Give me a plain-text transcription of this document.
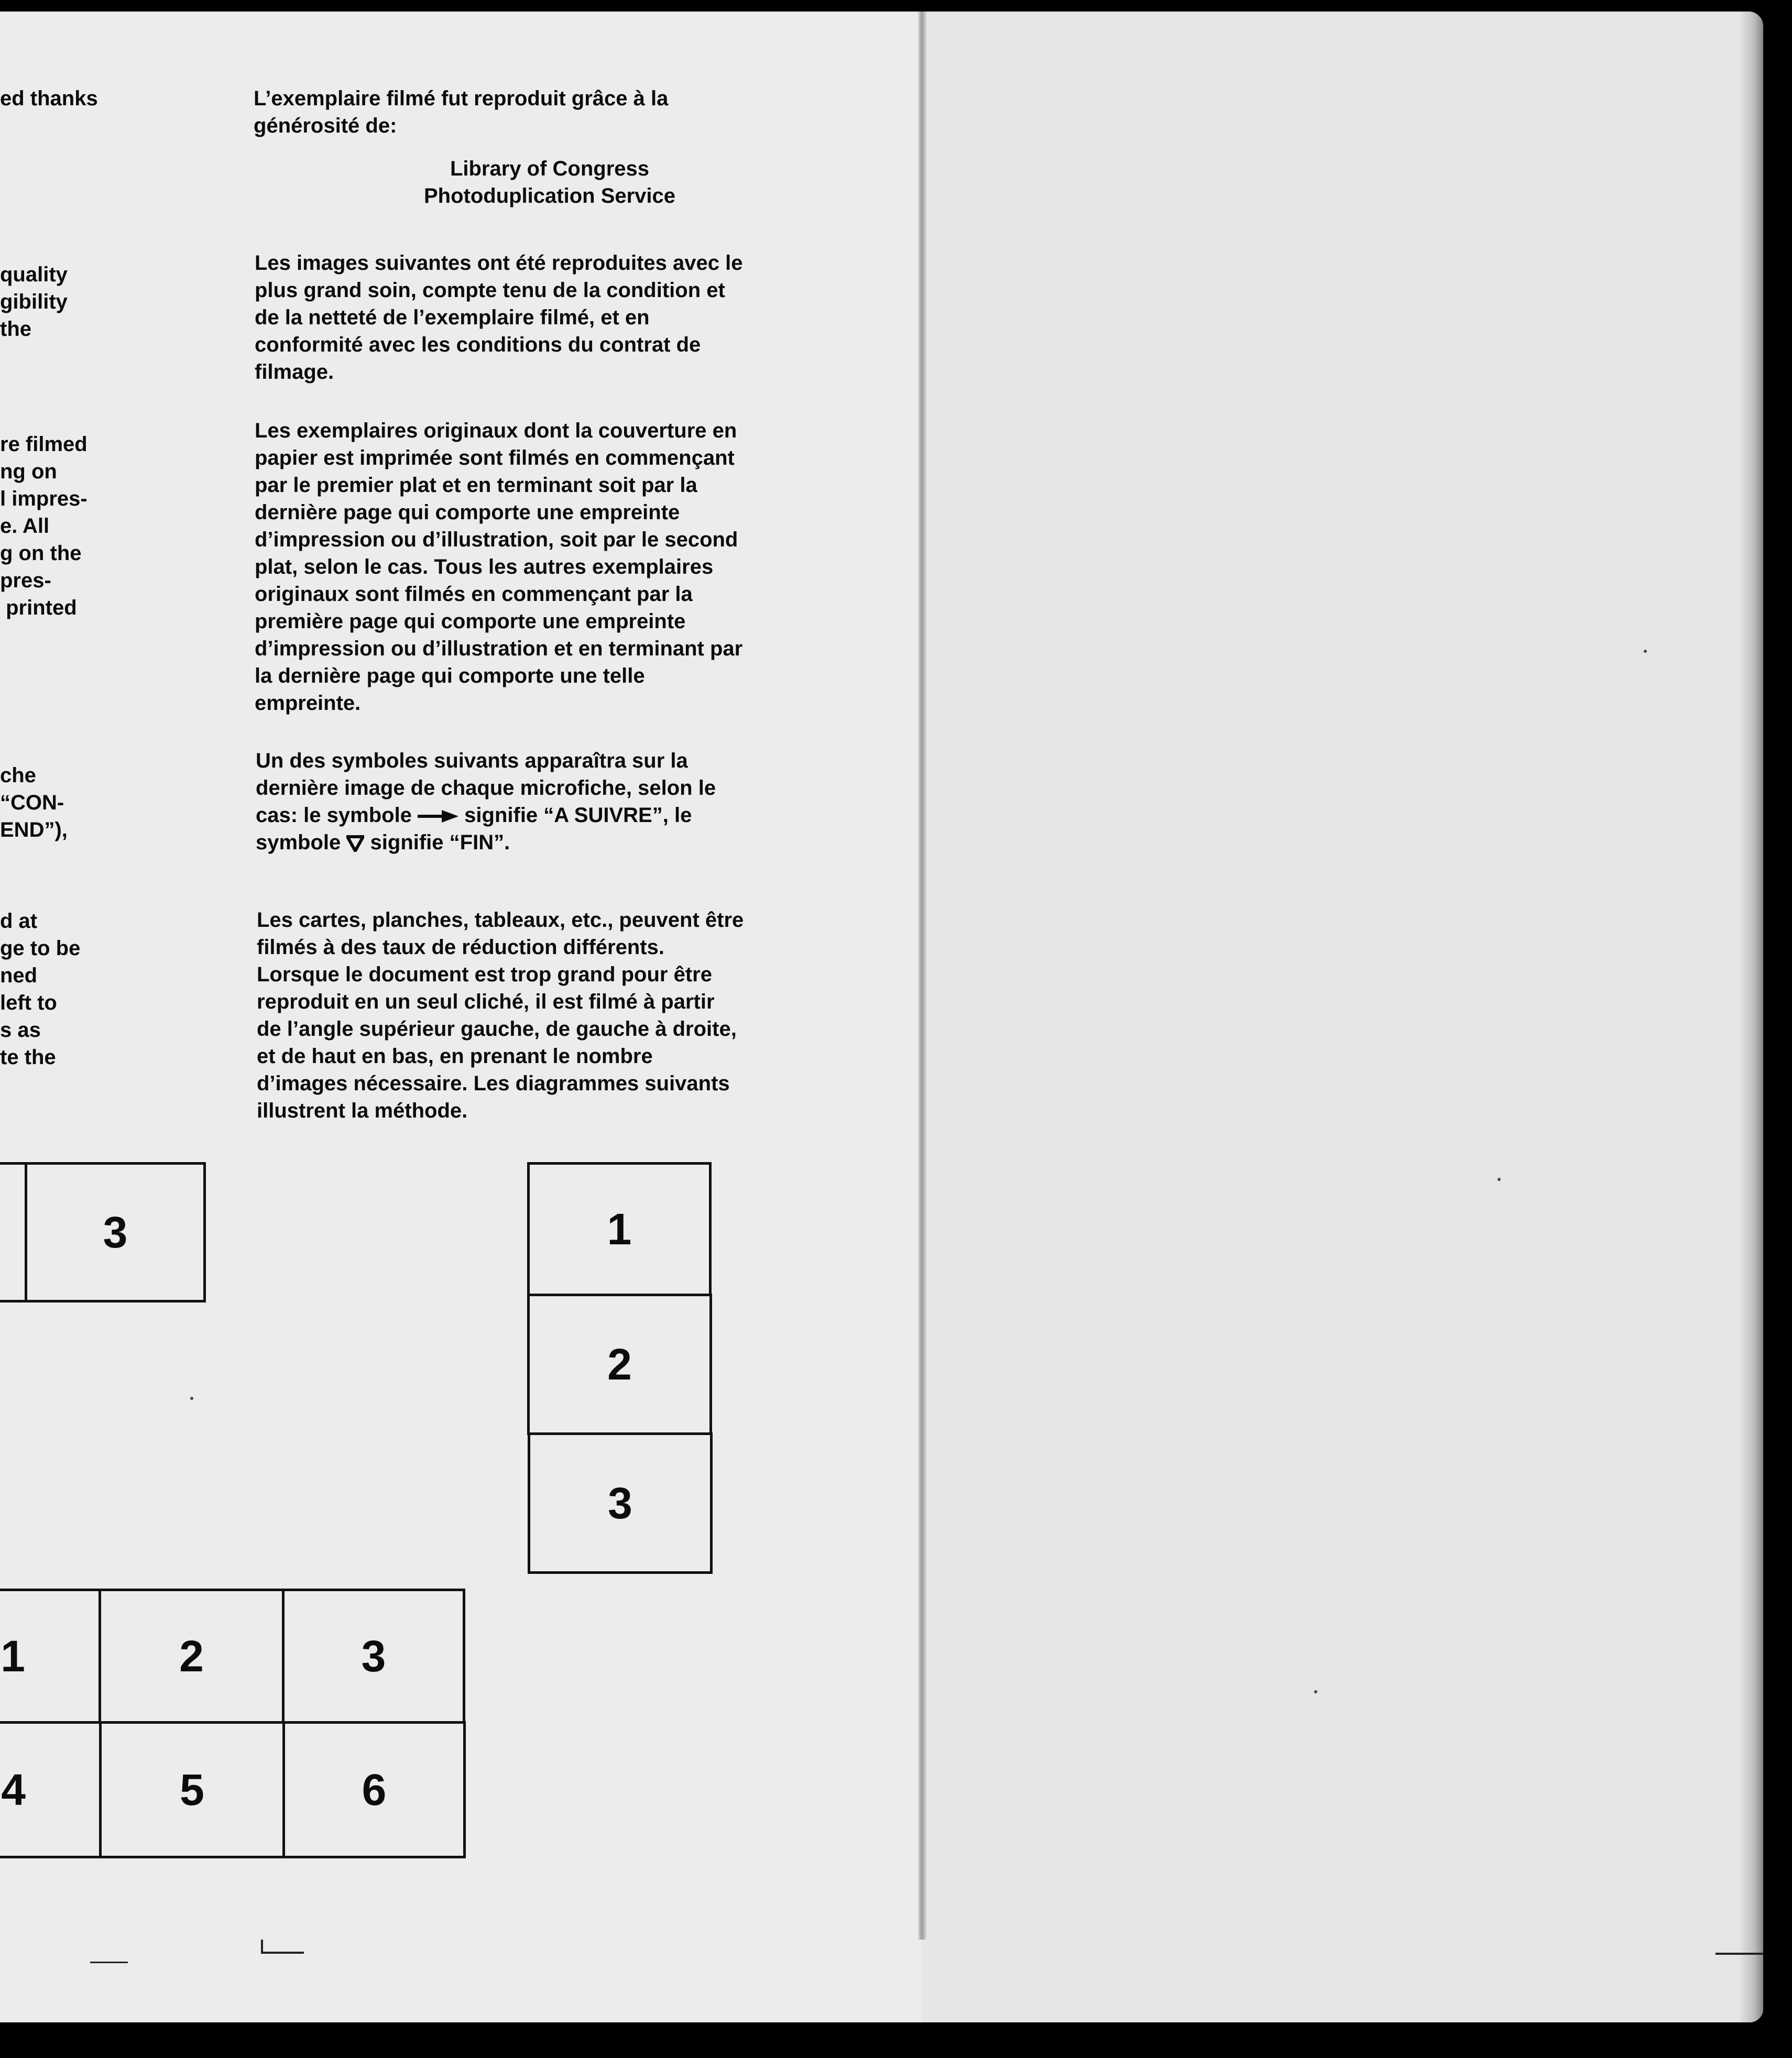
ed thanks

quality
gibility
the

re filmed
ng on
l impres-
e. All
g on the
pres-
printed

che
“CON-
END”),

d at
ge to be
ned
left to
s as
te the

L’exemplaire filmé fut reproduit grâce à la
générosité de:

Library of Congress

Photoduplication Service

Les images suivantes ont été reproduites avec le
plus grand soin, compte tenu de la condition et
de la netteté de l’exemplaire filmé, et en
conformité avec les conditions du contrat de
filmage.

Les exemplaires originaux dont la couverture en
papier est imprimée sont filmés en commençant
par le premier plat et en terminant soit par la
dernière page qui comporte une empreinte
d’impression ou d’illustration, soit par le second
plat, selon le cas. Tous les autres exemplaires
originaux sont filmés en commençant par la
première page qui comporte une empreinte
d’impression ou d’illustration et en terminant par
la dernière page qui comporte une telle
empreinte.

Un des symboles suivants apparaîtra sur la

dernière image de chaque microfiche, selon le

cas: le symbole  signifie “A SUIVRE”, le

symbole  signifie “FIN”.

Les cartes, planches, tableaux, etc., peuvent être
filmés à des taux de réduction différents.
Lorsque le document est trop grand pour être
reproduit en un seul cliché, il est filmé à partir
de l’angle supérieur gauche, de gauche à droite,
et de haut en bas, en prenant le nombre
d’images nécessaire. Les diagrammes suivants
illustrent la méthode.

3	1
2
3
1	2	3
4	5	6
